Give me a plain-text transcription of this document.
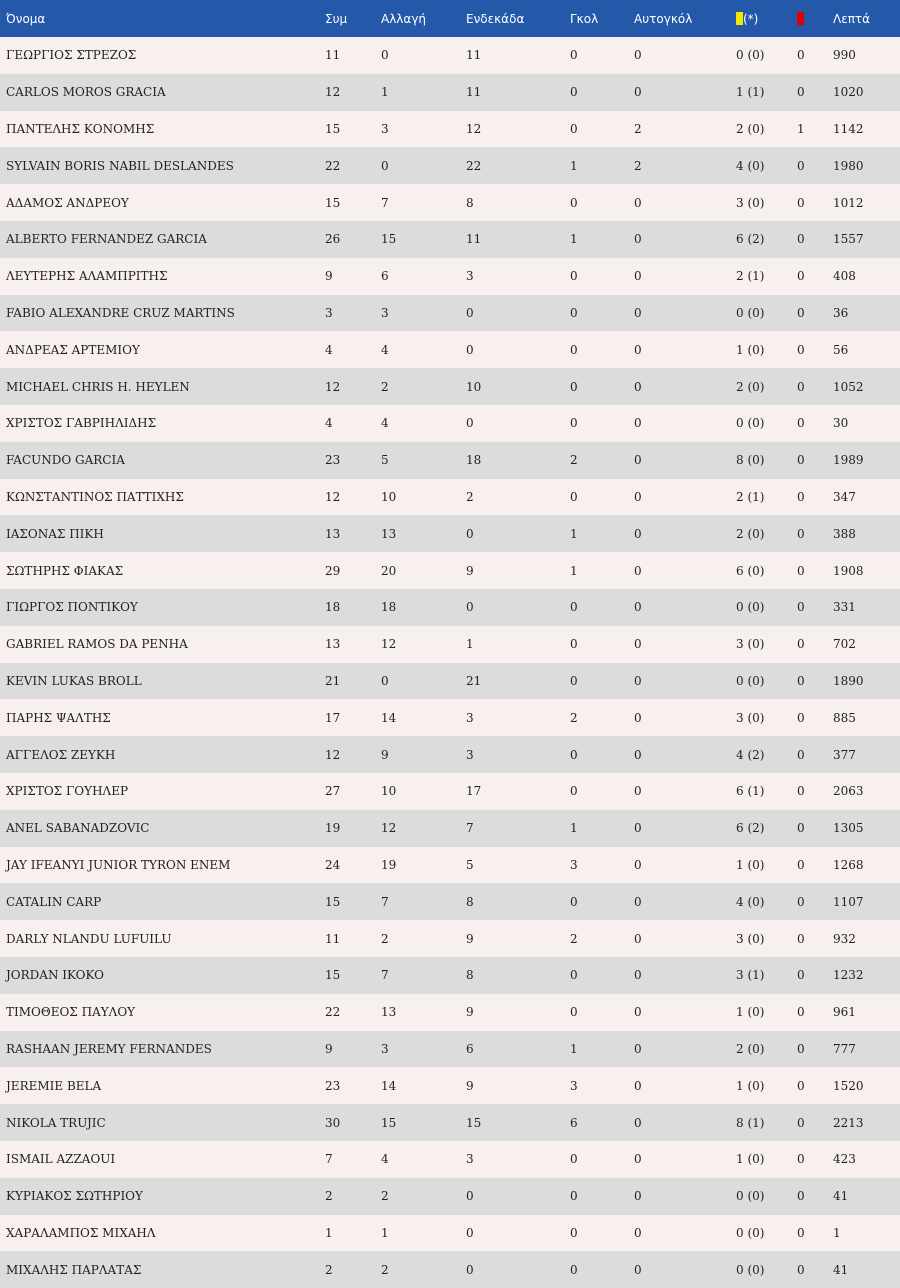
Όνομα	Συμ	Αλλαγή	Ενδεκάδα	Γκολ	Αυτογκόλ	(*)		Λεπτά
ΓΕΩΡΓΙΟΣ ΣΤΡΕΖΟΣ	11	0	11	0	0	0 (0)	0	990
CARLOS MOROS GRACIA	12	1	11	0	0	1 (1)	0	1020
ΠΑΝΤΕΛΗΣ ΚΟΝΟΜΗΣ	15	3	12	0	2	2 (0)	1	1142
SYLVAIN BORIS NABIL DESLANDES	22	0	22	1	2	4 (0)	0	1980
ΑΔΑΜΟΣ ΑΝΔΡΕΟΥ	15	7	8	0	0	3 (0)	0	1012
ALBERTO FERNANDEZ GARCIA	26	15	11	1	0	6 (2)	0	1557
ΛΕΥΤΕΡΗΣ ΑΛΑΜΠΡΙΤΗΣ	9	6	3	0	0	2 (1)	0	408
FABIO ALEXANDRE CRUZ MARTINS	3	3	0	0	0	0 (0)	0	36
ΑΝΔΡΕΑΣ ΑΡΤΕΜΙΟΥ	4	4	0	0	0	1 (0)	0	56
MICHAEL CHRIS H. HEYLEN	12	2	10	0	0	2 (0)	0	1052
ΧΡΙΣΤΟΣ ΓΑΒΡΙΗΛΙΔΗΣ	4	4	0	0	0	0 (0)	0	30
FACUNDO GARCIA	23	5	18	2	0	8 (0)	0	1989
ΚΩΝΣΤΑΝΤΙΝΟΣ ΠΑΤΤΙΧΗΣ	12	10	2	0	0	2 (1)	0	347
ΙΑΣΟΝΑΣ ΠΙΚΗ	13	13	0	1	0	2 (0)	0	388
ΣΩΤΗΡΗΣ ΦΙΑΚΑΣ	29	20	9	1	0	6 (0)	0	1908
ΓΙΩΡΓΟΣ ΠΟΝΤΙΚΟΥ	18	18	0	0	0	0 (0)	0	331
GABRIEL RAMOS DA PENHA	13	12	1	0	0	3 (0)	0	702
KEVIN LUKAS BROLL	21	0	21	0	0	0 (0)	0	1890
ΠΑΡΗΣ ΨΑΛΤΗΣ	17	14	3	2	0	3 (0)	0	885
ΑΓΓΕΛΟΣ ΖΕΥΚΗ	12	9	3	0	0	4 (2)	0	377
ΧΡΙΣΤΟΣ ΓΟΥΗΛΕΡ	27	10	17	0	0	6 (1)	0	2063
ANEL SABANADZOVIC	19	12	7	1	0	6 (2)	0	1305
JAY IFEANYI JUNIOR TYRON ENEM	24	19	5	3	0	1 (0)	0	1268
CATALIN CARP	15	7	8	0	0	4 (0)	0	1107
DARLY NLANDU LUFUILU	11	2	9	2	0	3 (0)	0	932
JORDAN IKOKO	15	7	8	0	0	3 (1)	0	1232
ΤΙΜΟΘΕΟΣ ΠΑΥΛΟΥ	22	13	9	0	0	1 (0)	0	961
RASHAAN JEREMY FERNANDES	9	3	6	1	0	2 (0)	0	777
JEREMIE BELA	23	14	9	3	0	1 (0)	0	1520
NIKOLA TRUJIC	30	15	15	6	0	8 (1)	0	2213
ISMAIL AZZAOUI	7	4	3	0	0	1 (0)	0	423
ΚΥΡΙΑΚΟΣ ΣΩΤΗΡΙΟΥ	2	2	0	0	0	0 (0)	0	41
ΧΑΡΑΛΑΜΠΟΣ ΜΙΧΑΗΛ	1	1	0	0	0	0 (0)	0	1
ΜΙΧΑΛΗΣ ΠΑΡΛΑΤΑΣ	2	2	0	0	0	0 (0)	0	41
